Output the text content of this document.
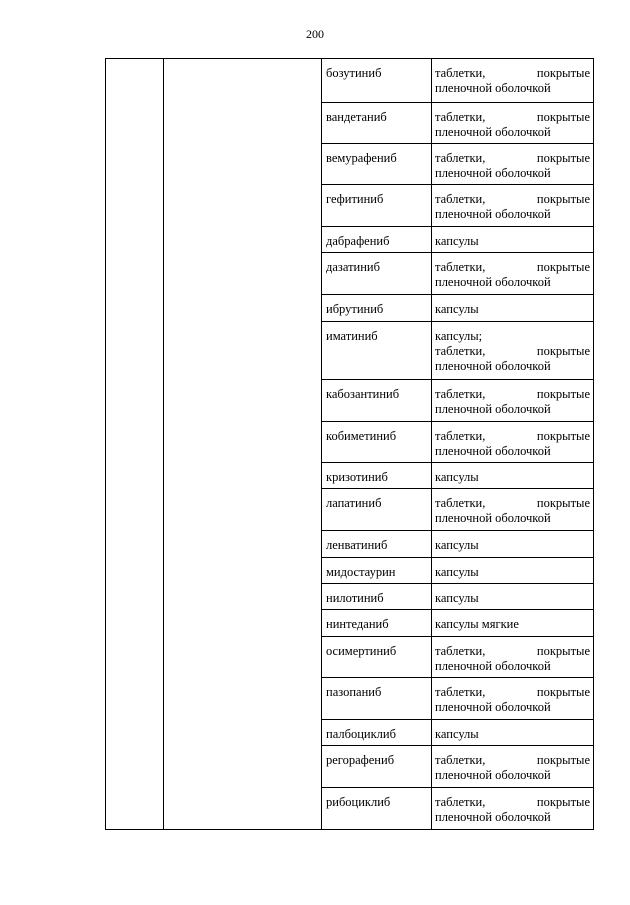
200
		бозутиниб	таблетки, покрытые
пленочной оболочкой

		вандетаниб	таблетки, покрытые
пленочной оболочкой

		вемурафениб	таблетки, покрытые
пленочной оболочкой

		гефитиниб	таблетки, покрытые
пленочной оболочкой

		дабрафениб	капсулы

		дазатиниб	таблетки, покрытые
пленочной оболочкой

		ибрутиниб	капсулы

		иматиниб	капсулы;
таблетки, покрытые
пленочной оболочкой

		кабозантиниб	таблетки, покрытые
пленочной оболочкой

		кобиметиниб	таблетки, покрытые
пленочной оболочкой

		кризотиниб	капсулы

		лапатиниб	таблетки, покрытые
пленочной оболочкой

		ленватиниб	капсулы

		мидостаурин	капсулы

		нилотиниб	капсулы

		нинтеданиб	капсулы мягкие

		осимертиниб	таблетки, покрытые
пленочной оболочкой

		пазопаниб	таблетки, покрытые
пленочной оболочкой

		палбоциклиб	капсулы

		регорафениб	таблетки, покрытые
пленочной оболочкой

		рибоциклиб	таблетки, покрытые
пленочной оболочкой
